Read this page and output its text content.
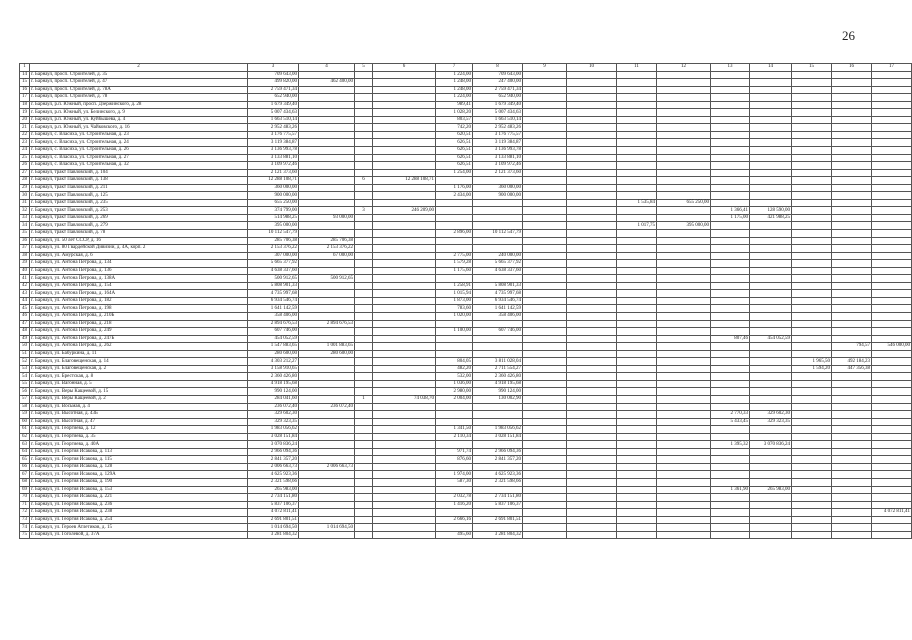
26
1	2	3	4	5	6	7	8	9	10	11	12	13	14	15	16	17
14	г. Барнаул, просп. Строителей, д. 35	709 643,00				1 224,00	709 643,00									
15	г. Барнаул, просп. Строителей, д. 47	499 820,00	462 400,00			1 248,00	247 400,00									
16	г. Барнаул, просп. Строителей, д. 78А	2 759 471,34				1 248,00	2 759 471,34									
17	г. Барнаул, просп. Строителей, д. 78	652 940,00				1 224,00	652 940,00									
18	г. Барнаул, р.п. Южный, просп. Дзержинского, д. 28	1 679 349,40				989,41	1 679 349,40									
19	г. Барнаул, р.п. Южный, ул. Белинского, д. 9	5 007 434,63				1 028,20	5 007 434,63									
20	г. Барнаул, р.п. Южный, ул. Куйбышева, д. 4	1 663 510,14				803,57	1 663 510,14									
21	г. Барнаул, р.п. Южный, ул. Чайковского, д. 16	2 952 483,26				742,20	2 952 483,26									
22	г. Барнаул, с. Власиха, ул. Строительная, д. 23	3 176 775,57				620,51	3 176 775,57									
23	г. Барнаул, с. Власиха, ул. Строительная, д. 24	3 119 384,87				626,51	3 119 384,87									
24	г. Барнаул, с. Власиха, ул. Строительная, д. 26	3 136 993,78				626,51	3 136 993,78									
25	г. Барнаул, с. Власиха, ул. Строительная, д. 27	3 133 881,10				626,51	3 133 881,10									
26	г. Барнаул, с. Власиха, ул. Строительная, д. 32	3 109 972,46				626,51	3 109 972,46									
27	г. Барнаул, тракт Павловский, д. 104	2 121 373,60				1 254,00	2 121 373,60									
28	г. Барнаул, тракт Павловский, д. 138	12 288 108,71		6	12 288 108,71											
29	г. Барнаул, тракт Павловский, д. 211	360 000,00				1 176,00	360 000,00									
30	г. Барнаул, тракт Павловский, д. 125	900 000,00				2 434,00	900 000,00									
31	г. Барнаул, тракт Павловский, д. 235	655 250,00								1 535,84	655 250,00					
32	г. Барнаул, тракт Павловский, д. 253	374 799,00		3	246 209,00							1 366,41	128 590,00			
33	г. Барнаул, тракт Павловский, д. 269	514 988,25	93 000,00									1 175,00	421 988,25			
34	г. Барнаул, тракт Павловский, д. 279	395 000,00								1 017,75	395 000,00					
35	г. Барнаул, тракт Павловский, д. 78	10 112 547,79				2 896,00	10 112 547,79									
36	г. Барнаул, ул. 50 лет СССР, д. 16	285 706,38	285 706,38													
37	г. Барнаул, ул. 80 Гвардейской Дивизии, д. 4А, корп. 2	2 153 376,22	2 153 376,22													
38	г. Барнаул, ул. Амурская, д. 6	307 000,00	67 000,00			2 775,00	240 000,00									
39	г. Барнаул, ул. Антона Петрова, д. 134	5 665 377,92				1 579,28	5 665 377,92									
40	г. Барнаул, ул. Антона Петрова, д. 136	4 638 337,60				1 175,60	4 638 337,60									
41	г. Барнаул, ул. Антона Петрова, д. 138А	500 912,65	500 912,65													
42	г. Барнаул, ул. Антона Петрова, д. 154	5 808 901,33				1 258,91	5 808 901,33									
43	г. Барнаул, ул. Антона Петрова, д. 164А	4 735 997,68				1 015,94	4 735 997,68									
44	г. Барнаул, ул. Антона Петрова, д. 182	6 934 546,74				1 873,00	6 934 546,74									
45	г. Барнаул, ул. Антона Петрова, д. 198	1 641 142,59				783,60	1 641 142,59									
46	г. Барнаул, ул. Антона Петрова, д. 210Б	358 406,00				1 020,00	358 406,00									
47	г. Барнаул, ул. Антона Петрова, д. 218	2 894 676,53	2 894 676,53													
48	г. Барнаул, ул. Антона Петрова, д. 249	607 746,00				1 100,00	607 746,00									
49	г. Барнаул, ул. Антона Петрова, д. 247Б	454 052,59										807,46	454 052,59			
50	г. Барнаул, ул. Антона Петрова, д. 262	1 547 883,65	1 001 883,65												794,57	546 000,00
51	г. Барнаул, ул. Бабуркина, д. 11	280 600,00	280 600,00													
52	г. Барнаул, ул. Благовещенская, д. 14	4 303 212,27				804,05	3 811 028,04							1 965,50	492 184,23	
53	г. Барнаул, ул. Благовещенская, д. 2	3 158 910,65				482,20	2 711 554,27							1 594,20	447 356,38	
54	г. Барнаул, ул. Брестская, д. 8	2 360 426,80				532,00	2 360 426,80									
55	г. Барнаул, ул. Вагонная, д. 5	4 918 195,68				1 036,00	4 918 195,68									
56	г. Барнаул, ул. Веры Кащеевой, д. 15	990 124,00				2 980,00	990 124,00									
57	г. Барнаул, ул. Веры Кащеевой, д. 2	284 041,60		1	74 038,70	2 004,00	130 002,90									
58	г. Барнаул, ул. Восьмая, д. 4	236 072,40	236 072,40													
59	г. Барнаул, ул. Высотная, д. 43Б	329 602,30										2 770,33	329 602,30			
60	г. Барнаул, ул. Высотная, д. 47	329 323,35										5 433,45	329 323,35			
61	г. Барнаул, ул. Георгиева, д. 12	1 983 056,62				1 341,50	1 983 056,62									
62	г. Барнаул, ул. Георгиева, д. 35	3 028 151,84				2 110,34	3 028 151,84									
63	г. Барнаул, ул. Георгиева, д. 40А	3 070 836,24										1 395,32	3 070 836,24			
64	г. Барнаул, ул. Георгия Исакова, д. 113	2 966 094,36				971,74	2 966 094,36									
65	г. Барнаул, ул. Георгия Исакова, д. 115	2 841 357,20				876,60	2 841 357,20									
66	г. Барнаул, ул. Георгия Исакова, д. 128	2 006 663,73	2 006 663,73													
67	г. Барнаул, ул. Георгия Исакова, д. 129А	4 625 923,36				1 974,00	4 625 923,36									
68	г. Барнаул, ул. Георгия Исакова, д. 190	2 321 598,66				587,30	2 321 598,66									
69	г. Барнаул, ул. Георгия Исакова, д. 153	265 983,00										1 361,90	265 983,00			
70	г. Барнаул, ул. Георгия Исакова, д. 221	2 734 151,80				2 032,78	2 734 151,80									
71	г. Барнаул, ул. Георгия Исакова, д. 236	5 837 106,37				1 416,20	5 837 106,37									
72	г. Барнаул, ул. Георгия Исакова, д. 238	4 072 811,41														4 072 811,41
73	г. Барнаул, ул. Георгия Исакова, д. 254	2 691 801,51				2 666,16	2 691 801,51									
74	г. Барнаул, ул. Героев Атлетиков, д. 15	1 014 694,50	1 014 694,50													
75	г. Барнаул, ул. Гоголевой, д. 37А	3 281 804,32				495,60	3 281 804,32									
